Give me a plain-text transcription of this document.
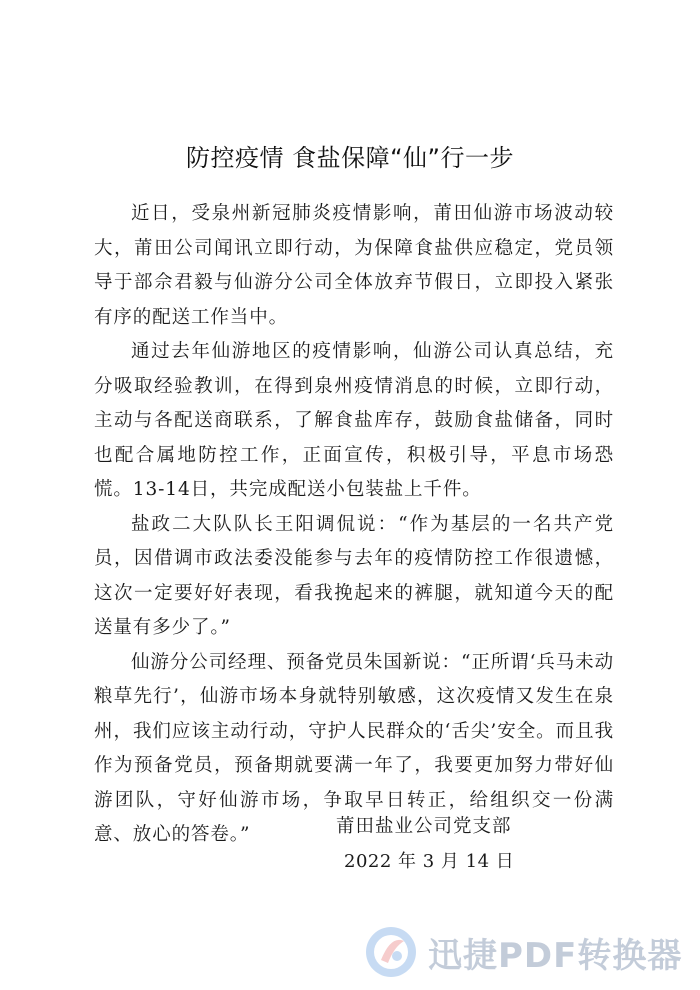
防控疫情 食盐保障“仙”行一步

近日，受泉州新冠肺炎疫情影响，莆田仙游市场波动较大，莆田公司闻讯立即行动，为保障食盐供应稳定，党员领导于部佘君毅与仙游分公司全体放弃节假日，立即投入紧张有序的配送工作当中。

通过去年仙游地区的疫情影响，仙游公司认真总结，充分吸取经验教训，在得到泉州疫情消息的时候，立即行动，主动与各配送商联系，了解食盐库存，鼓励食盐储备，同时也配合属地防控工作，正面宣传，积极引导，平息市场恐慌。13-14日，共完成配送小包装盐上千件。

盐政二大队队长王阳调侃说：“作为基层的一名共产党员，因借调市政法委没能参与去年的疫情防控工作很遗憾，这次一定要好好表现，看我挽起来的裤腿，就知道今天的配送量有多少了。”

仙游分公司经理、预备党员朱国新说：“正所谓‘兵马未动粮草先行’，仙游市场本身就特别敏感，这次疫情又发生在泉州，我们应该主动行动，守护人民群众的‘舌尖’安全。而且我作为预备党员，预备期就要满一年了，我要更加努力带好仙游团队，守好仙游市场，争取早日转正，给组织交一份满意、放心的答卷。”	莆田盐业公司党支部
2022 年 3 月 14 日
迅捷PDF转换器
